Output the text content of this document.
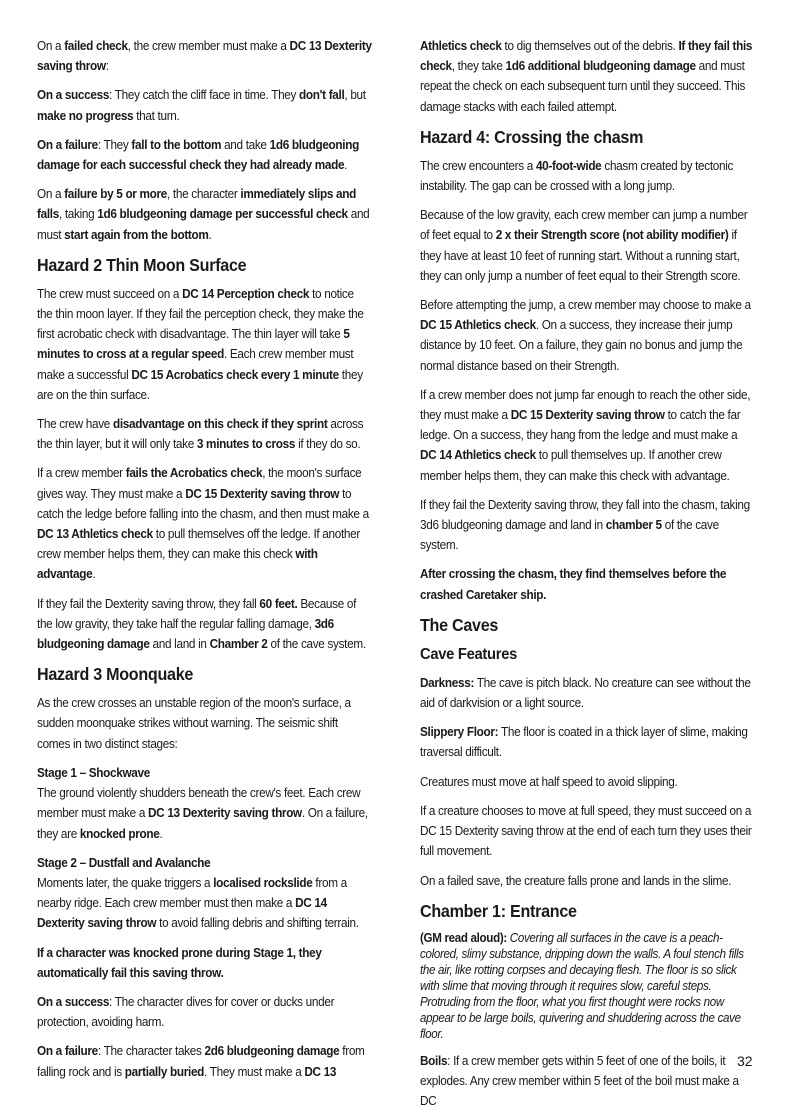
On a failed check, the crew member must make a DC 13 Dexterity saving throw:

On a success: They catch the cliff face in time. They don't fall, but make no progress that turn.

On a failure: They fall to the bottom and take 1d6 bludgeoning damage for each successful check they had already made.

On a failure by 5 or more, the character immediately slips and falls, taking 1d6 bludgeoning damage per successful check and must start again from the bottom.

Hazard 2 Thin Moon Surface

The crew must succeed on a DC 14 Perception check to notice the thin moon layer. If they fail the perception check, they make the first acrobatic check with disadvantage. The thin layer will take 5 minutes to cross at a regular speed. Each crew member must make a successful DC 15 Acrobatics check every 1 minute they are on the thin surface.

The crew have disadvantage on this check if they sprint across the thin layer, but it will only take 3 minutes to cross if they do so.

If a crew member fails the Acrobatics check, the moon's surface gives way. They must make a DC 15 Dexterity saving throw to catch the ledge before falling into the chasm, and then must make a DC 13 Athletics check to pull themselves off the ledge. If another crew member helps them, they can make this check with advantage.

If they fail the Dexterity saving throw, they fall 60 feet. Because of the low gravity, they take half the regular falling damage, 3d6 bludgeoning damage and land in Chamber 2 of the cave system.

Hazard 3 Moonquake

As the crew crosses an unstable region of the moon's surface, a sudden moonquake strikes without warning. The seismic shift comes in two distinct stages:

Stage 1 – Shockwave
The ground violently shudders beneath the crew's feet. Each crew member must make a DC 13 Dexterity saving throw. On a failure, they are knocked prone.

Stage 2 – Dustfall and Avalanche
Moments later, the quake triggers a localised rockslide from a nearby ridge. Each crew member must then make a DC 14 Dexterity saving throw to avoid falling debris and shifting terrain.

If a character was knocked prone during Stage 1, they automatically fail this saving throw.

On a success: The character dives for cover or ducks under protection, avoiding harm.

On a failure: The character takes 2d6 bludgeoning damage from falling rock and is partially buried. They must make a DC 13

Athletics check to dig themselves out of the debris. If they fail this check, they take 1d6 additional bludgeoning damage and must repeat the check on each subsequent turn until they succeed. This damage stacks with each failed attempt.

Hazard 4: Crossing the chasm

The crew encounters a 40-foot-wide chasm created by tectonic instability. The gap can be crossed with a long jump.

Because of the low gravity, each crew member can jump a number of feet equal to 2 x their Strength score (not ability modifier) if they have at least 10 feet of running start. Without a running start, they can only jump a number of feet equal to their Strength score.

Before attempting the jump, a crew member may choose to make a DC 15 Athletics check. On a success, they increase their jump distance by 10 feet. On a failure, they gain no bonus and jump the normal distance based on their Strength.

If a crew member does not jump far enough to reach the other side, they must make a DC 15 Dexterity saving throw to catch the far ledge. On a success, they hang from the ledge and must make a DC 14 Athletics check to pull themselves up. If another crew member helps them, they can make this check with advantage.

If they fail the Dexterity saving throw, they fall into the chasm, taking 3d6 bludgeoning damage and land in chamber 5 of the cave system.

After crossing the chasm, they find themselves before the crashed Caretaker ship.

The Caves
Cave Features

Darkness: The cave is pitch black. No creature can see without the aid of darkvision or a light source.

Slippery Floor: The floor is coated in a thick layer of slime, making traversal difficult.

Creatures must move at half speed to avoid slipping.

If a creature chooses to move at full speed, they must succeed on a DC 15 Dexterity saving throw at the end of each turn they uses their full movement.

On a failed save, the creature falls prone and lands in the slime.

Chamber 1: Entrance

(GM read aloud): Covering all surfaces in the cave is a peach-colored, slimy substance, dripping down the walls. A foul stench fills the air, like rotting corpses and decaying flesh. The floor is so slick with slime that moving through it requires slow, careful steps. Protruding from the floor, what you first thought were rocks now appear to be large boils, quivering and shuddering across the cave floor.

Boils: If a crew member gets within 5 feet of one of the boils, it explodes. Any crew member within 5 feet of the boil must make a DC

32
